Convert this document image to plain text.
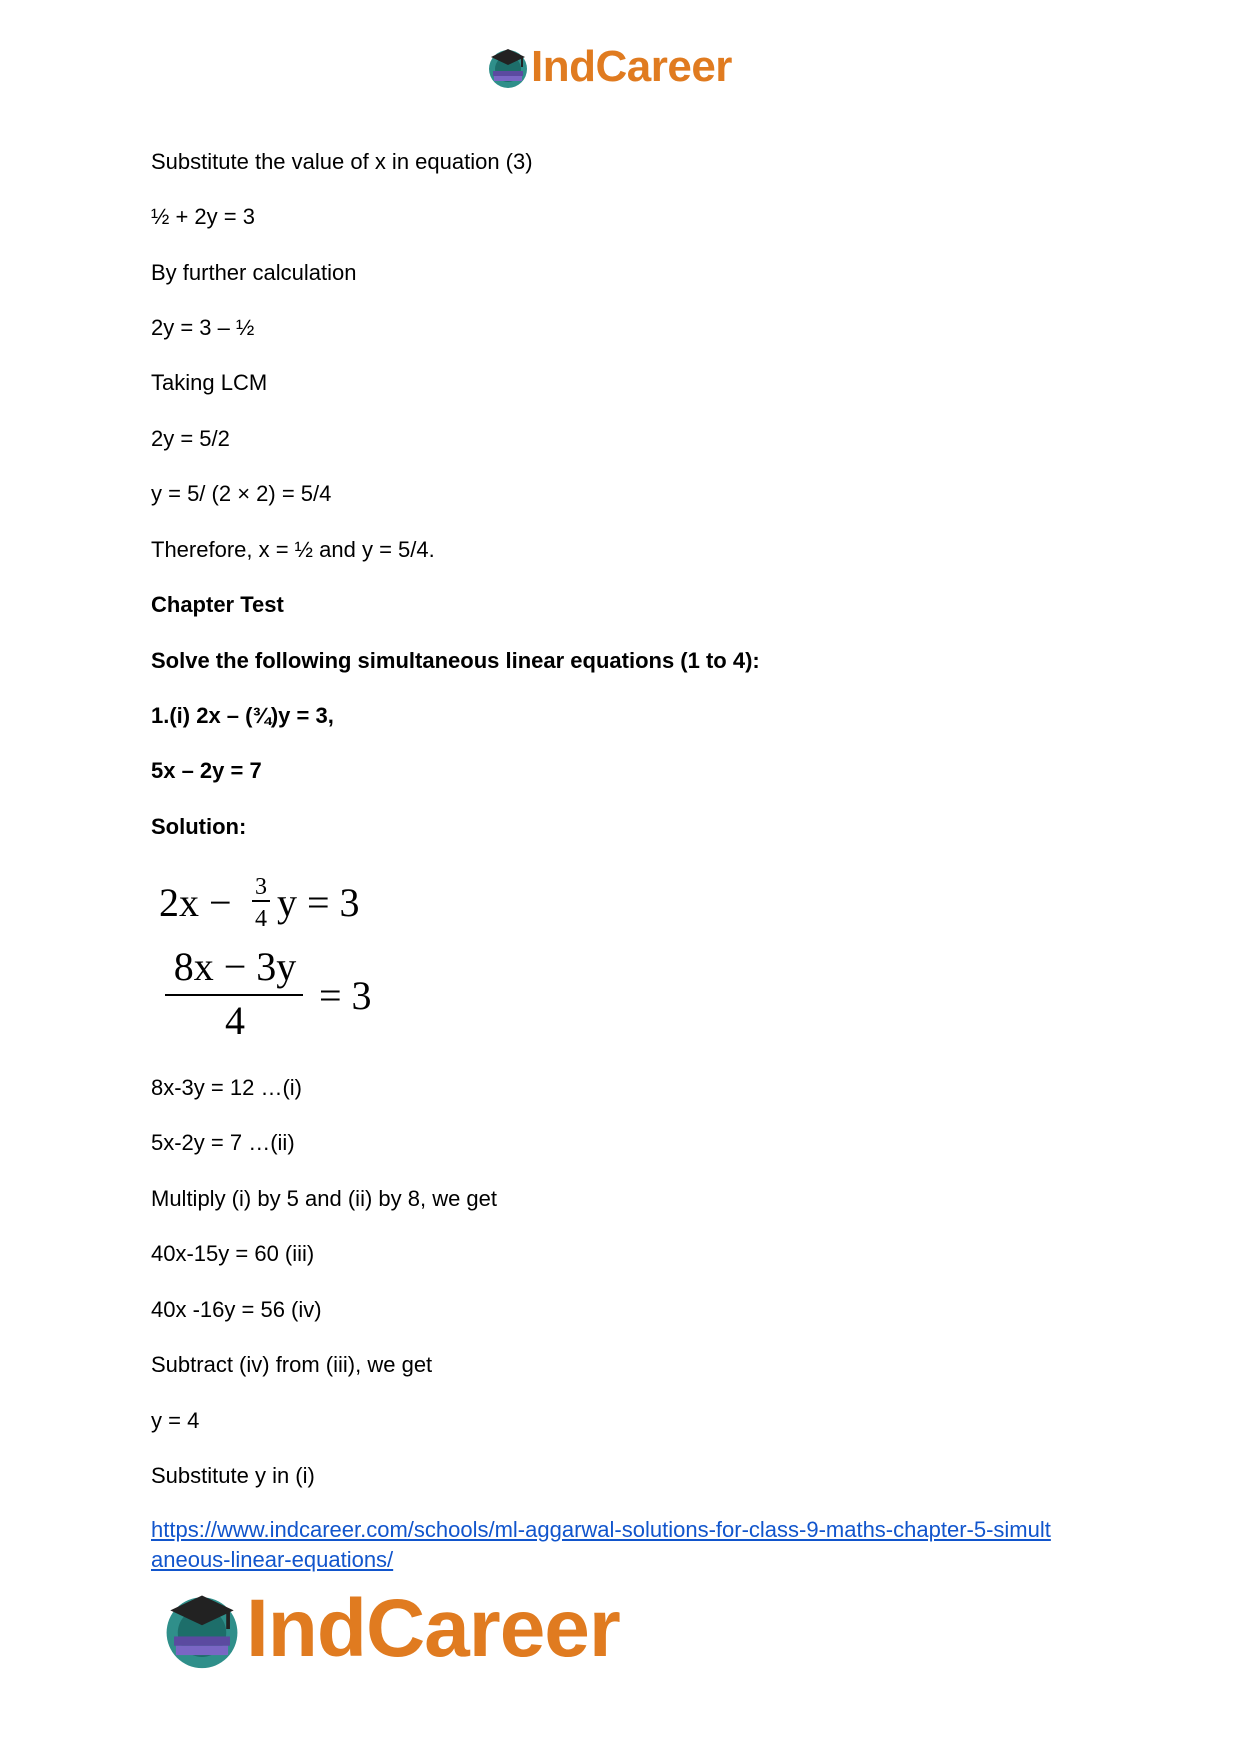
IndCareer
Substitute the value of x in equation (3)
½ + 2y = 3
By further calculation
2y = 3 – ½
Taking LCM
2y = 5/2
y = 5/ (2 × 2) = 5/4
Therefore, x = ½ and y = 5/4.
Chapter Test
Solve the following simultaneous linear equations (1 to 4):
1.(i) 2x – (¾)y = 3,
5x – 2y = 7
Solution:
8x-3y = 12 …(i)
5x-2y = 7 …(ii)
Multiply (i) by 5 and (ii) by 8, we get
40x-15y = 60 (iii)
40x -16y = 56 (iv)
Subtract (iv) from (iii), we get
y = 4
Substitute y in (i)
2x − 3
4 y = 3
8x − 3y
4
= 3
https://www.indcareer.com/schools/ml-aggarwal-solutions-for-class-9-maths-chapter-5-simult
aneous-linear-equations/
IndCareer
